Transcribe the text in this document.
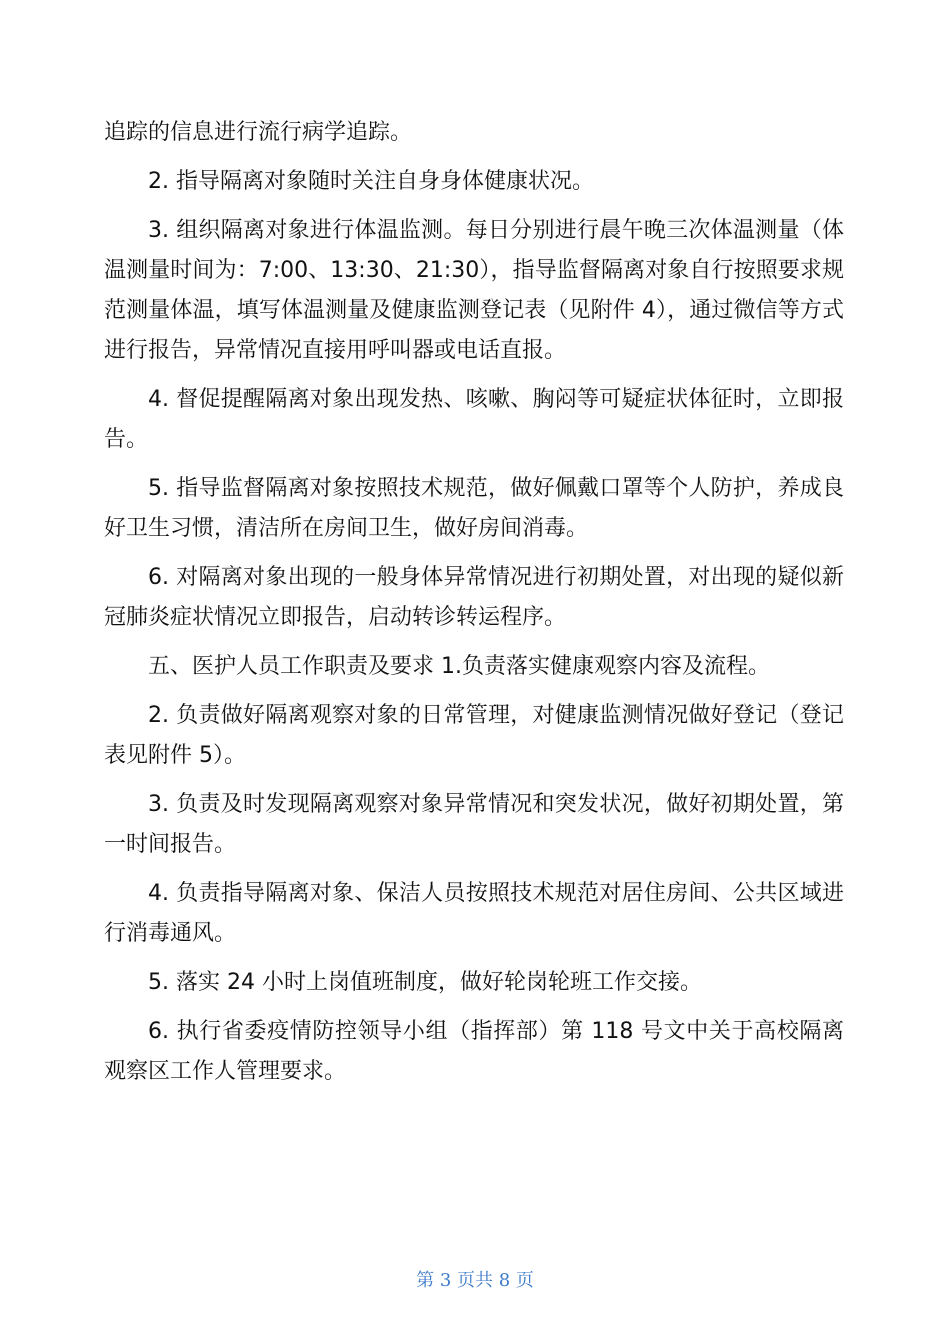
追踪的信息进行流行病学追踪。

2. 指导隔离对象随时关注自身身体健康状况。

3. 组织隔离对象进行体温监测。每日分别进行晨午晚三次体温测量（体温测量时间为：7:00、13:30、21:30），指导监督隔离对象自行按照要求规范测量体温，填写体温测量及健康监测登记表（见附件 4），通过微信等方式进行报告，异常情况直接用呼叫器或电话直报。

4. 督促提醒隔离对象出现发热、咳嗽、胸闷等可疑症状体征时，立即报告。

5. 指导监督隔离对象按照技术规范，做好佩戴口罩等个人防护，养成良好卫生习惯，清洁所在房间卫生，做好房间消毒。

6. 对隔离对象出现的一般身体异常情况进行初期处置，对出现的疑似新冠肺炎症状情况立即报告，启动转诊转运程序。

五、医护人员工作职责及要求 1.负责落实健康观察内容及流程。

2. 负责做好隔离观察对象的日常管理，对健康监测情况做好登记（登记表见附件 5）。

3. 负责及时发现隔离观察对象异常情况和突发状况，做好初期处置，第一时间报告。

4. 负责指导隔离对象、保洁人员按照技术规范对居住房间、公共区域进行消毒通风。

5. 落实 24 小时上岗值班制度，做好轮岗轮班工作交接。

6. 执行省委疫情防控领导小组（指挥部）第 118 号文中关于高校隔离观察区工作人管理要求。

第 3 页共 8 页
